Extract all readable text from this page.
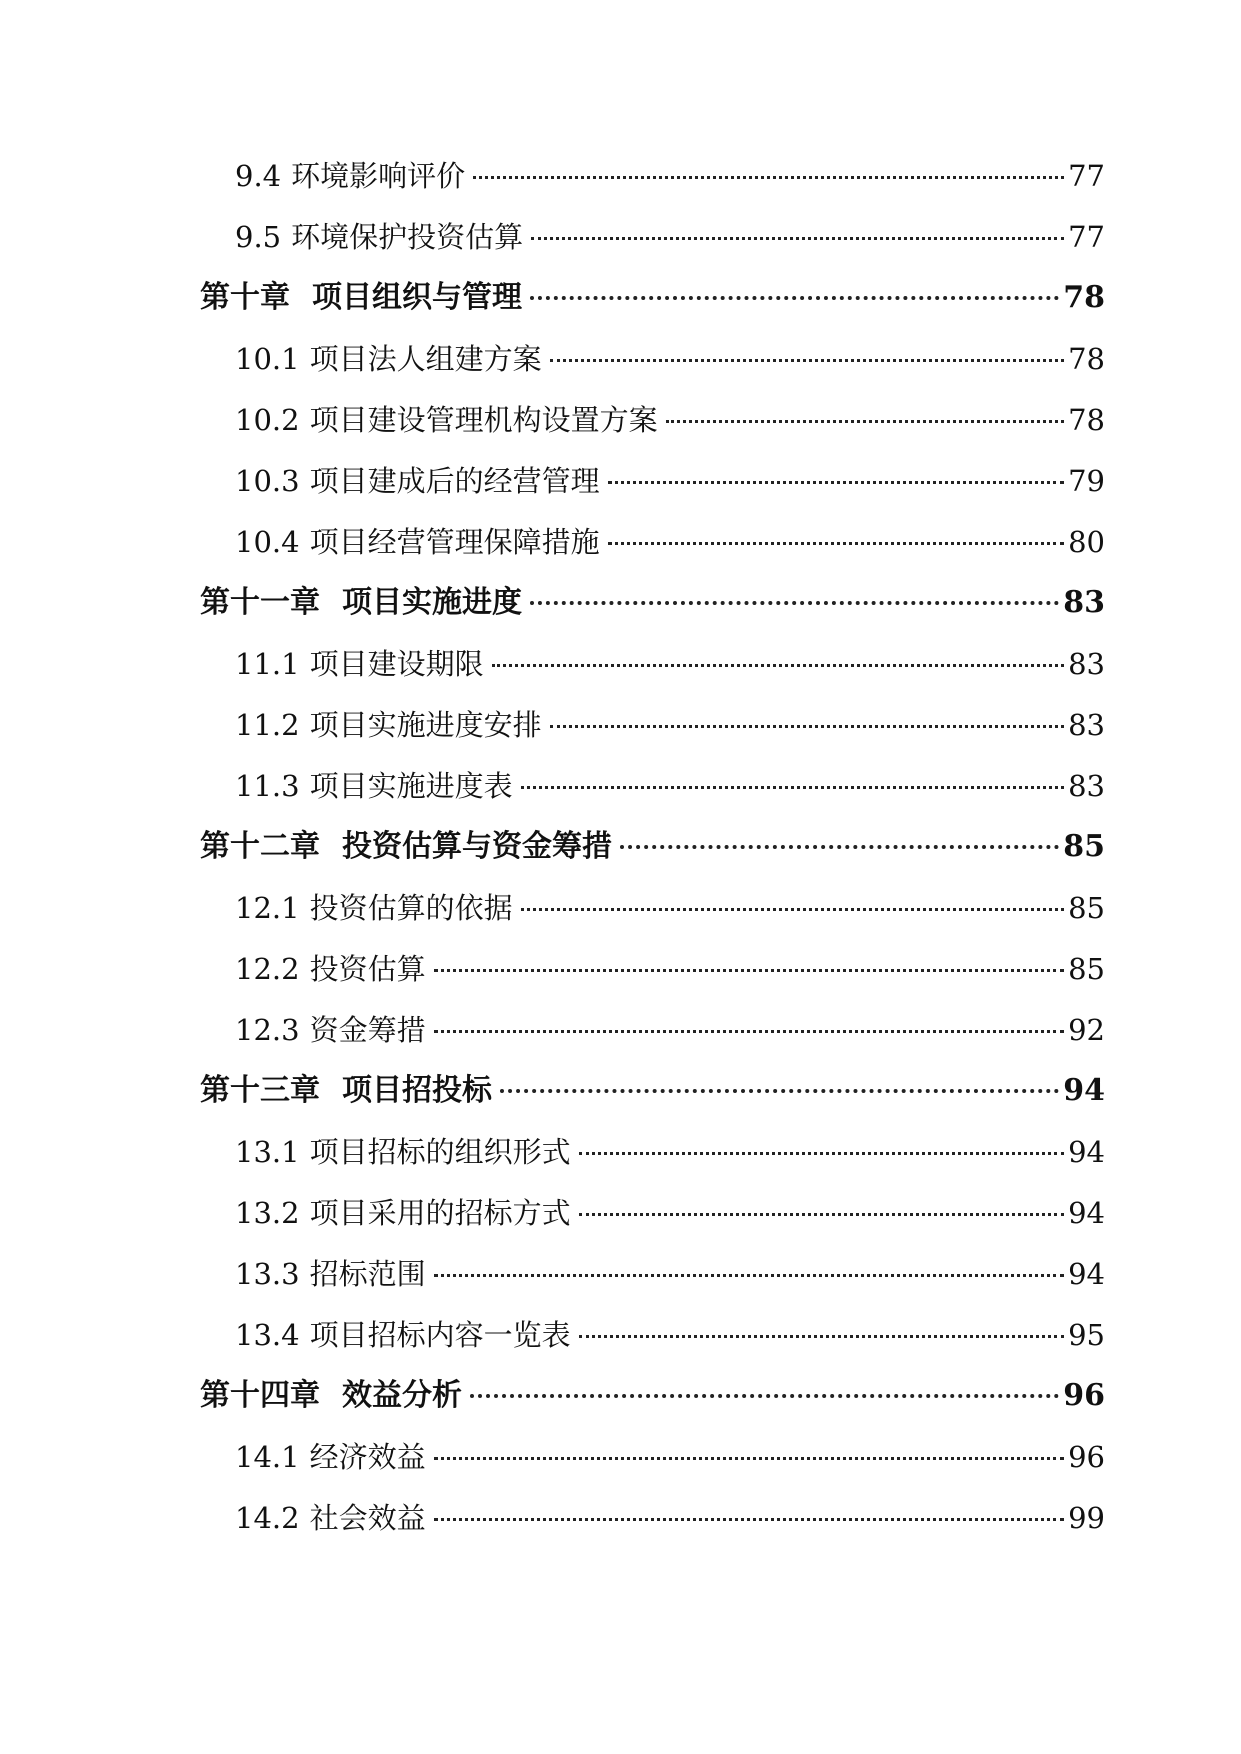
9.4 环境影响评价	77
9.5 环境保护投资估算	77
第十章 项目组织与管理	78
10.1 项目法人组建方案	78
10.2 项目建设管理机构设置方案	78
10.3 项目建成后的经营管理	79
10.4 项目经营管理保障措施	80
第十一章 项目实施进度	83
11.1 项目建设期限	83
11.2 项目实施进度安排	83
11.3 项目实施进度表	83
第十二章 投资估算与资金筹措	85
12.1 投资估算的依据	85
12.2 投资估算	85
12.3 资金筹措	92
第十三章 项目招投标	94
13.1 项目招标的组织形式	94
13.2 项目采用的招标方式	94
13.3 招标范围	94
13.4 项目招标内容一览表	95
第十四章 效益分析	96
14.1 经济效益	96
14.2 社会效益	99
